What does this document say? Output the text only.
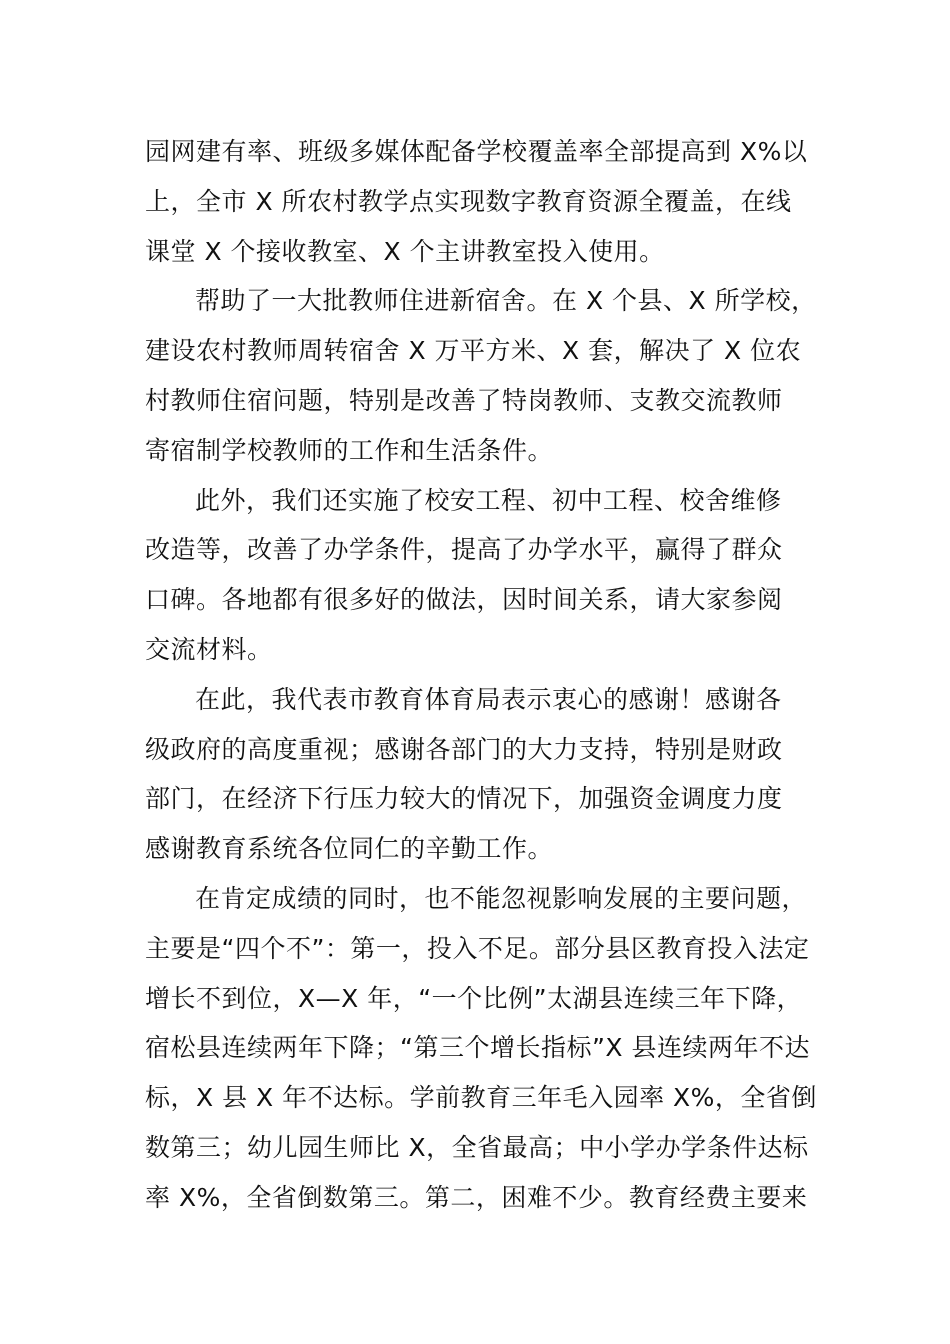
园网建有率、班级多媒体配备学校覆盖率全部提高到 X%以
上，全市 X 所农村教学点实现数字教育资源全覆盖，在线
课堂 X 个接收教室、X 个主讲教室投入使用。
帮助了一大批教师住进新宿舍。在 X 个县、X 所学校，
建设农村教师周转宿舍 X 万平方米、X 套，解决了 X 位农
村教师住宿问题，特别是改善了特岗教师、支教交流教师
寄宿制学校教师的工作和生活条件。
此外，我们还实施了校安工程、初中工程、校舍维修
改造等，改善了办学条件，提高了办学水平，赢得了群众
口碑。各地都有很多好的做法，因时间关系，请大家参阅
交流材料。
在此，我代表市教育体育局表示衷心的感谢！感谢各
级政府的高度重视；感谢各部门的大力支持，特别是财政
部门，在经济下行压力较大的情况下，加强资金调度力度
感谢教育系统各位同仁的辛勤工作。
在肯定成绩的同时，也不能忽视影响发展的主要问题，
主要是“四个不”：第一，投入不足。部分县区教育投入法定
增长不到位，X—X 年，“一个比例”太湖县连续三年下降，
宿松县连续两年下降；“第三个增长指标”X 县连续两年不达
标，X 县 X 年不达标。学前教育三年毛入园率 X%，全省倒
数第三；幼儿园生师比 X，全省最高；中小学办学条件达标
率 X%，全省倒数第三。第二，困难不少。教育经费主要来
